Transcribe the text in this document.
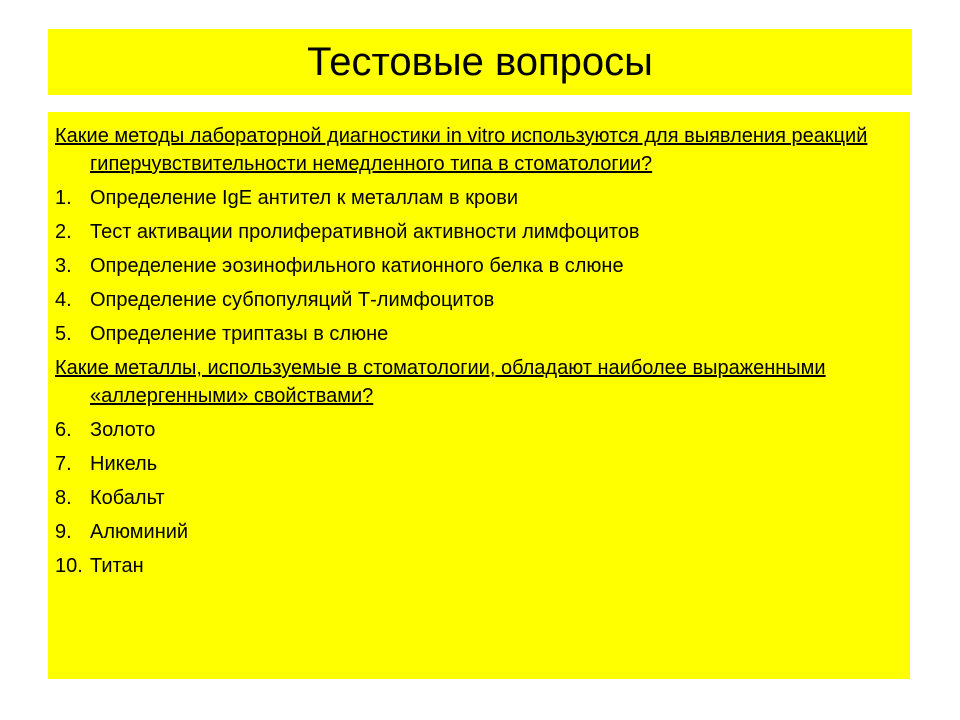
Тестовые вопросы
Какие методы лабораторной диагностики in vitro используются для выявления реакций гиперчувствительности немедленного типа в стоматологии?
1. Определение IgE антител к металлам в крови
2. Тест активации пролиферативной активности лимфоцитов
3. Определение эозинофильного катионного белка в слюне
4. Определение субпопуляций Т-лимфоцитов
5. Определение триптазы в слюне
Какие металлы, используемые в стоматологии, обладают наиболее выраженными «аллергенными» свойствами?
6. Золото
7. Никель
8. Кобальт
9. Алюминий
10. Титан
